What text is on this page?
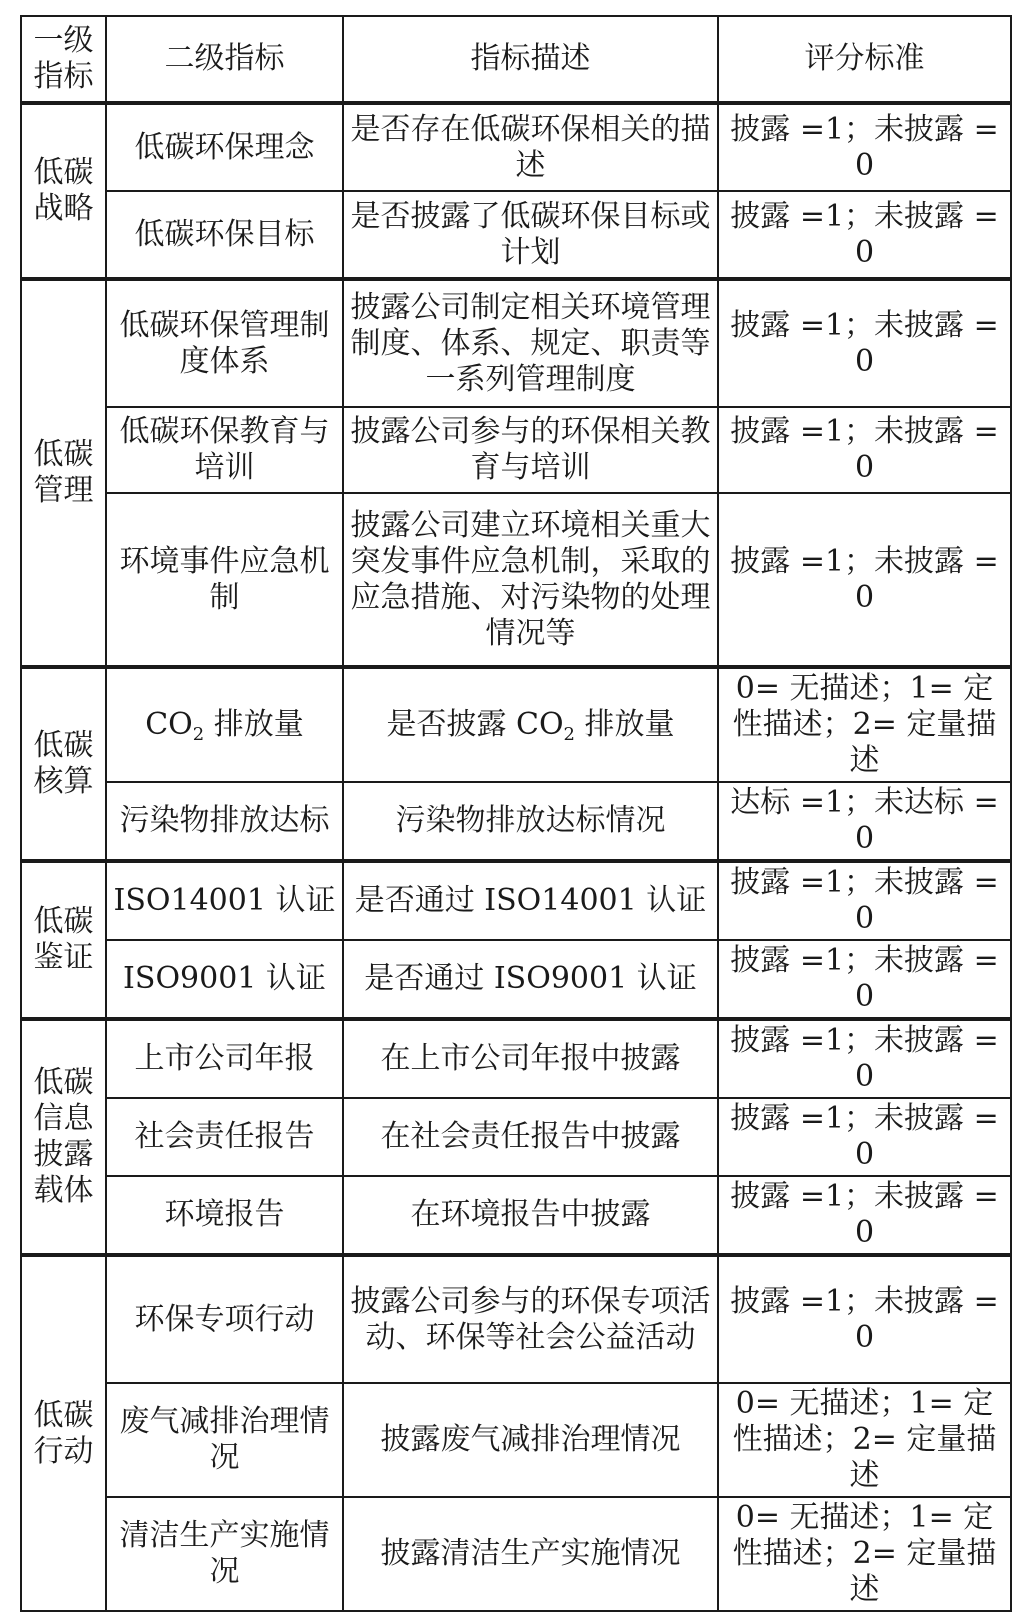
一级指标	二级指标	指标描述	评分标准
低碳战略	低碳环保理念	是否存在低碳环保相关的描述	披露 =1；未披露 =0
	低碳环保目标	是否披露了低碳环保目标或计划	披露 =1；未披露 =0
低碳管理	低碳环保管理制度体系	披露公司制定相关环境管理制度、体系、规定、职责等一系列管理制度	披露 =1；未披露 =0
	低碳环保教育与培训	披露公司参与的环保相关教育与培训	披露 =1；未披露 =0
	环境事件应急机制	披露公司建立环境相关重大突发事件应急机制，采取的应急措施、对污染物的处理情况等	披露 =1；未披露 =0
低碳核算	$CO_2$ 排放量	是否披露 $CO_2$ 排放量	0= 无描述；1= 定性描述；2= 定量描述
	污染物排放达标	污染物排放达标情况	达标 =1；未达标 =0
低碳鉴证	ISO14001 认证	是否通过 ISO14001 认证	披露 =1；未披露 =0
	ISO9001 认证	是否通过 ISO9001 认证	披露 =1；未披露 =0
低碳信息披露载体	上市公司年报	在上市公司年报中披露	披露 =1；未披露 =0
	社会责任报告	在社会责任报告中披露	披露 =1；未披露 =0
	环境报告	在环境报告中披露	披露 =1；未披露 =0
低碳行动	环保专项行动	披露公司参与的环保专项活动、环保等社会公益活动	披露 =1；未披露 =0
	废气减排治理情况	披露废气减排治理情况	0= 无描述；1= 定性描述；2= 定量描述
	清洁生产实施情况	披露清洁生产实施情况	0= 无描述；1= 定性描述；2= 定量描述
